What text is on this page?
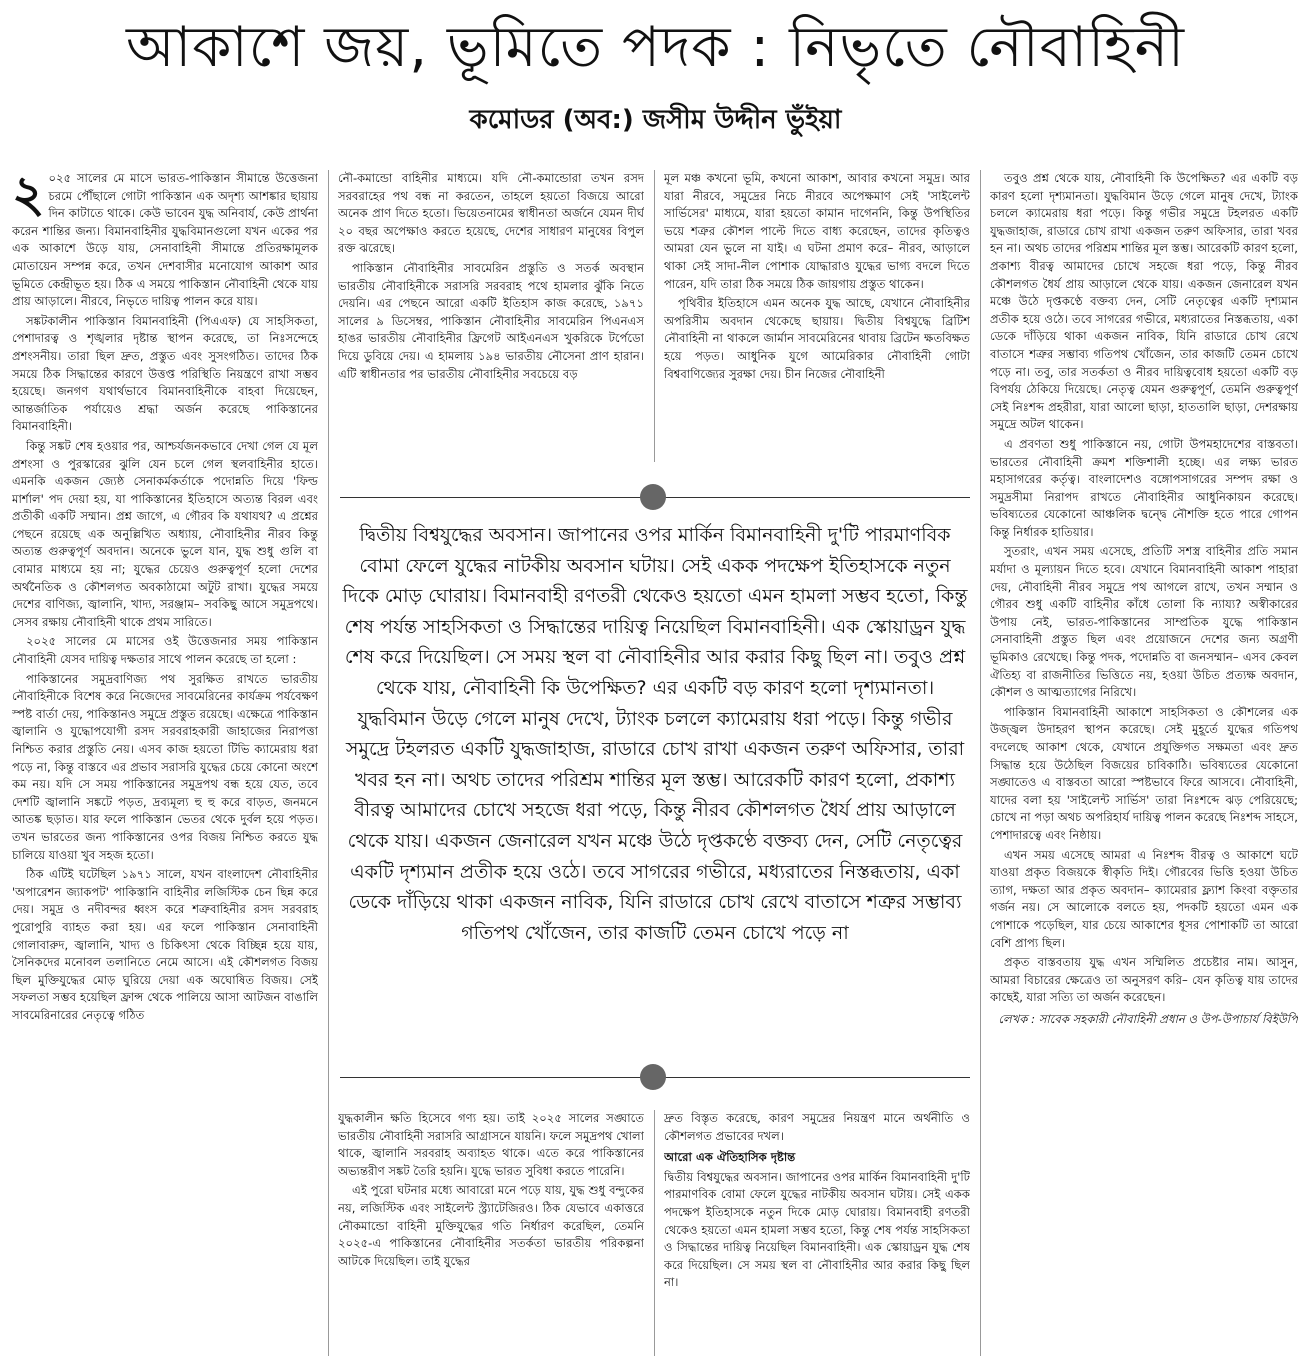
আকাশে জয়, ভূমিতে পদক : নিভৃতে নৌবাহিনী
কমোডর (অব:) জসীম উদ্দীন ভুঁইয়া

২ ০২৫ সালের মে মাসে ভারত-পাকিস্তান সীমান্তে উত্তেজনা চরমে পৌঁছালে গোটা পাকিস্তান এক অদৃশ্য আশঙ্কার ছায়ায় দিন কাটাতে থাকে। কেউ ভাবেন যুদ্ধ অনিবার্য, কেউ প্রার্থনা করেন শান্তির জন্য। বিমানবাহিনীর যুদ্ধবিমানগুলো যখন একের পর এক আকাশে উড়ে যায়, সেনাবাহিনী সীমান্তে প্রতিরক্ষামূলক মোতায়েন সম্পন্ন করে, তখন দেশবাসীর মনোযোগ আকাশ আর ভূমিতে কেন্দ্রীভূত হয়। ঠিক এ সময়ে পাকিস্তান নৌবাহিনী থেকে যায় প্রায় আড়ালে। নীরবে, নিভৃতে দায়িত্ব পালন করে যায়।

সঙ্কটকালীন পাকিস্তান বিমানবাহিনী (পিএএফ) যে সাহসিকতা, পেশাদারত্ব ও শৃঙ্খলার দৃষ্টান্ত স্থাপন করেছে, তা নিঃসন্দেহে প্রশংসনীয়। তারা ছিল দ্রুত, প্রস্তুত এবং সুসংগঠিত। তাদের ঠিক সময়ে ঠিক সিদ্ধান্তের কারণে উত্তপ্ত পরিস্থিতি নিয়ন্ত্রণে রাখা সম্ভব হয়েছে। জনগণ যথার্থভাবে বিমানবাহিনীকে বাহবা দিয়েছেন, আন্তর্জাতিক পর্যায়েও শ্রদ্ধা অর্জন করেছে পাকিস্তানের বিমানবাহিনী।

কিন্তু সঙ্কট শেষ হওয়ার পর, আশ্চর্যজনকভাবে দেখা গেল যে মূল প্রশংসা ও পুরস্কারের ঝুলি যেন চলে গেল স্থলবাহিনীর হাতে। এমনকি একজন জ্যেষ্ঠ সেনাকর্মকর্তাকে পদোন্নতি দিয়ে 'ফিল্ড মার্শাল' পদ দেয়া হয়, যা পাকিস্তানের ইতিহাসে অত্যন্ত বিরল এবং প্রতীকী একটি সম্মান। প্রশ্ন জাগে, এ গৌরব কি যথাযথ? এ প্রশ্নের পেছনে রয়েছে এক অনুল্লিখিত অধ্যায়, নৌবাহিনীর নীরব কিন্তু অত্যন্ত গুরুত্বপূর্ণ অবদান। অনেকে ভুলে যান, যুদ্ধ শুধু গুলি বা বোমার মাধ্যমে হয় না; যুদ্ধের চেয়েও গুরুত্বপূর্ণ হলো দেশের অর্থনৈতিক ও কৌশলগত অবকাঠামো অটুট রাখা। যুদ্ধের সময়ে দেশের বাণিজ্য, জ্বালানি, খাদ্য, সরঞ্জাম– সবকিছু আসে সমুদ্রপথে। সেসব রক্ষায় নৌবাহিনী থাকে প্রথম সারিতে।

২০২৫ সালের মে মাসের ওই উত্তেজনার সময় পাকিস্তান নৌবাহিনী যেসব দায়িত্ব দক্ষতার সাথে পালন করেছে তা হলো :

পাকিস্তানের সমুদ্রবাণিজ্য পথ সুরক্ষিত রাখতে ভারতীয় নৌবাহিনীকে বিশেষ করে নিজেদের সাবমেরিনের কার্যক্রম পর্যবেক্ষণ স্পষ্ট বার্তা দেয়, পাকিস্তানও সমুদ্রে প্রস্তুত রয়েছে। এক্ষেত্রে পাকিস্তান জ্বালানি ও যুদ্ধোপযোগী রসদ সরবরাহকারী জাহাজের নিরাপত্তা নিশ্চিত করার প্রস্তুতি নেয়। এসব কাজ হয়তো টিভি ক্যামেরায় ধরা পড়ে না, কিন্তু বাস্তবে এর প্রভাব সরাসরি যুদ্ধের চেয়ে কোনো অংশে কম নয়। যদি সে সময় পাকিস্তানের সমুদ্রপথ বন্ধ হয়ে যেত, তবে দেশটি জ্বালানি সঙ্কটে পড়ত, দ্রব্যমূল্য হু হু করে বাড়ত, জনমনে আতঙ্ক ছড়াত। যার ফলে পাকিস্তান ভেতর থেকে দুর্বল হয়ে পড়ত। তখন ভারতের জন্য পাকিস্তানের ওপর বিজয় নিশ্চিত করতে যুদ্ধ চালিয়ে যাওয়া খুব সহজ হতো।

ঠিক এটিই ঘটেছিল ১৯৭১ সালে, যখন বাংলাদেশ নৌবাহিনীর 'অপারেশন জ্যাকপট' পাকিস্তানি বাহিনীর লজিস্টিক চেন ছিন্ন করে দেয়। সমুদ্র ও নদীবন্দর ধ্বংস করে শত্রুবাহিনীর রসদ সরবরাহ পুরোপুরি ব্যাহত করা হয়। এর ফলে পাকিস্তান সেনাবাহিনী গোলাবারুদ, জ্বালানি, খাদ্য ও চিকিৎসা থেকে বিচ্ছিন্ন হয়ে যায়, সৈনিকদের মনোবল তলানিতে নেমে আসে। এই কৌশলগত বিজয় ছিল মুক্তিযুদ্ধের মোড় ঘুরিয়ে দেয়া এক অঘোষিত বিজয়। সেই সফলতা সম্ভব হয়েছিল ফ্রান্স থেকে পালিয়ে আসা আটজন বাঙালি সাবমেরিনারের নেতৃত্বে গঠিত

নৌ-কমান্ডো বাহিনীর মাধ্যমে। যদি নৌ-কমান্ডোরা তখন রসদ সরবরাহের পথ বন্ধ না করতেন, তাহলে হয়তো বিজয়ে আরো অনেক প্রাণ দিতে হতো। ভিয়েতনামের স্বাধীনতা অর্জনে যেমন দীর্ঘ ২০ বছর অপেক্ষাও করতে হয়েছে, দেশের সাধারণ মানুষের বিপুল রক্ত ঝরেছে।

পাকিস্তান নৌবাহিনীর সাবমেরিন প্রস্তুতি ও সতর্ক অবস্থান ভারতীয় নৌবাহিনীকে সরাসরি সরবরাহ পথে হামলার ঝুঁকি নিতে দেয়নি। এর পেছনে আরো একটি ইতিহাস কাজ করেছে, ১৯৭১ সালের ৯ ডিসেম্বর, পাকিস্তান নৌবাহিনীর সাবমেরিন পিএনএস হাঙর ভারতীয় নৌবাহিনীর ফ্রিগেট আইএনএস খুকরিকে টর্পেডো দিয়ে ডুবিয়ে দেয়। এ হামলায় ১৯৪ ভারতীয় নৌসেনা প্রাণ হারান। এটি স্বাধীনতার পর ভারতীয় নৌবাহিনীর সবচেয়ে বড়

মূল মঞ্চ কখনো ভূমি, কখনো আকাশ, আবার কখনো সমুদ্র। আর যারা নীরবে, সমুদ্রের নিচে নীরবে অপেক্ষমাণ সেই 'সাইলেন্ট সার্ভিসের' মাধ্যমে, যারা হয়তো কামান দাগেননি, কিন্তু উপস্থিতির ভয়ে শত্রুর কৌশল পাল্টে দিতে বাধ্য করেছেন, তাদের কৃতিত্বও আমরা যেন ভুলে না যাই। এ ঘটনা প্রমাণ করে– নীরব, আড়ালে থাকা সেই সাদা-নীল পোশাক যোদ্ধারাও যুদ্ধের ভাগ্য বদলে দিতে পারেন, যদি তারা ঠিক সময়ে ঠিক জায়গায় প্রস্তুত থাকেন।

পৃথিবীর ইতিহাসে এমন অনেক যুদ্ধ আছে, যেখানে নৌবাহিনীর অপরিসীম অবদান থেকেছে ছায়ায়। দ্বিতীয় বিশ্বযুদ্ধে ব্রিটিশ নৌবাহিনী না থাকলে জার্মান সাবমেরিনের থাবায় ব্রিটেন ক্ষতবিক্ষত হয়ে পড়ত। আধুনিক যুগে আমেরিকার নৌবাহিনী গোটা বিশ্ববাণিজ্যের সুরক্ষা দেয়। চীন নিজের নৌবাহিনী

তবুও প্রশ্ন থেকে যায়, নৌবাহিনী কি উপেক্ষিত? এর একটি বড় কারণ হলো দৃশ্যমানতা। যুদ্ধবিমান উড়ে গেলে মানুষ দেখে, ট্যাংক চললে ক্যামেরায় ধরা পড়ে। কিন্তু গভীর সমুদ্রে টহলরত একটি যুদ্ধজাহাজ, রাডারে চোখ রাখা একজন তরুণ অফিসার, তারা খবর হন না। অথচ তাদের পরিশ্রম শান্তির মূল স্তম্ভ। আরেকটি কারণ হলো, প্রকাশ্য বীরত্ব আমাদের চোখে সহজে ধরা পড়ে, কিন্তু নীরব কৌশলগত ধৈর্য প্রায় আড়ালে থেকে যায়। একজন জেনারেল যখন মঞ্চে উঠে দৃপ্তকণ্ঠে বক্তব্য দেন, সেটি নেতৃত্বের একটি দৃশ্যমান প্রতীক হয়ে ওঠে। তবে সাগরের গভীরে, মধ্যরাতের নিস্তব্ধতায়, একা ডেকে দাঁড়িয়ে থাকা একজন নাবিক, যিনি রাডারে চোখ রেখে বাতাসে শত্রুর সম্ভাব্য গতিপথ খোঁজেন, তার কাজটি তেমন চোখে পড়ে না। তবু, তার সতর্কতা ও নীরব দায়িত্ববোধ হয়তো একটি বড় বিপর্যয় ঠেকিয়ে দিয়েছে। নেতৃত্ব যেমন গুরুত্বপূর্ণ, তেমনি গুরুত্বপূর্ণ সেই নিঃশব্দ প্রহরীরা, যারা আলো ছাড়া, হাততালি ছাড়া, দেশরক্ষায় সমুদ্রে অটল থাকেন।

এ প্রবণতা শুধু পাকিস্তানে নয়, গোটা উপমহাদেশের বাস্তবতা। ভারতের নৌবাহিনী ক্রমশ শক্তিশালী হচ্ছে। এর লক্ষ্য ভারত মহাসাগরের কর্তৃত্ব। বাংলাদেশও বঙ্গোপসাগরের সম্পদ রক্ষা ও সমুদ্রসীমা নিরাপদ রাখতে নৌবাহিনীর আধুনিকায়ন করেছে। ভবিষ্যতের যেকোনো আঞ্চলিক দ্বন্দ্বে নৌশক্তি হতে পারে গোপন কিন্তু নির্ধারক হাতিয়ার।

সুতরাং, এখন সময় এসেছে, প্রতিটি সশস্ত্র বাহিনীর প্রতি সমান মর্যাদা ও মূল্যায়ন দিতে হবে। যেখানে বিমানবাহিনী আকাশ পাহারা দেয়, নৌবাহিনী নীরব সমুদ্রে পথ আগলে রাখে, তখন সম্মান ও গৌরব শুধু একটি বাহিনীর কাঁধে তোলা কি ন্যায্য? অস্বীকারের উপায় নেই, ভারত-পাকিস্তানের সাম্প্রতিক যুদ্ধে পাকিস্তান সেনাবাহিনী প্রস্তুত ছিল এবং প্রয়োজনে দেশের জন্য অগ্রণী ভূমিকাও রেখেছে। কিন্তু পদক, পদোন্নতি বা জনসম্মান– এসব কেবল ঐতিহ্য বা রাজনীতির ভিত্তিতে নয়, হওয়া উচিত প্রত্যক্ষ অবদান, কৌশল ও আত্মত্যাগের নিরিখে।

পাকিস্তান বিমানবাহিনী আকাশে সাহসিকতা ও কৌশলের এক উজ্জ্বল উদাহরণ স্থাপন করেছে। সেই মুহূর্তে যুদ্ধের গতিপথ বদলেছে আকাশ থেকে, যেখানে প্রযুক্তিগত সক্ষমতা এবং দ্রুত সিদ্ধান্ত হয়ে উঠেছিল বিজয়ের চাবিকাঠি। ভবিষ্যতের যেকোনো সঙ্ঘাতেও এ বাস্তবতা আরো স্পষ্টভাবে ফিরে আসবে। নৌবাহিনী, যাদের বলা হয় 'সাইলেন্ট সার্ভিস' তারা নিঃশব্দে ঝড় পেরিয়েছে; চোখে না পড়া অথচ অপরিহার্য দায়িত্ব পালন করেছে নিঃশব্দ সাহসে, পেশাদারত্বে এবং নিষ্ঠায়।

এখন সময় এসেছে আমরা এ নিঃশব্দ বীরত্ব ও আকাশে ঘটে যাওয়া প্রকৃত বিজয়কে স্বীকৃতি দিই। গৌরবের ভিত্তি হওয়া উচিত ত্যাগ, দক্ষতা আর প্রকৃত অবদান– ক্যামেরার ফ্ল্যাশ কিংবা বক্তৃতার গর্জন নয়। সে আলোকে বলতে হয়, পদকটি হয়তো এমন এক পোশাকে পড়েছিল, যার চেয়ে আকাশের ধূসর পোশাকটি তা আরো বেশি প্রাপ্য ছিল।

প্রকৃত বাস্তবতায় যুদ্ধ এখন সম্মিলিত প্রচেষ্টার নাম। আসুন, আমরা বিচারের ক্ষেত্রেও তা অনুসরণ করি– যেন কৃতিত্ব যায় তাদের কাছেই, যারা সত্যি তা অর্জন করেছেন।

লেখক : সাবেক সহকারী নৌবাহিনী প্রধান ও উপ-উপাচার্য বিইউপি

দ্বিতীয় বিশ্বযুদ্ধের অবসান। জাপানের ওপর মার্কিন বিমানবাহিনী দু'টি পারমাণবিক বোমা ফেলে যুদ্ধের নাটকীয় অবসান ঘটায়। সেই একক পদক্ষেপ ইতিহাসকে নতুন দিকে মোড় ঘোরায়। বিমানবাহী রণতরী থেকেও হয়তো এমন হামলা সম্ভব হতো, কিন্তু শেষ পর্যন্ত সাহসিকতা ও সিদ্ধান্তের দায়িত্ব নিয়েছিল বিমানবাহিনী। এক স্কোয়াড্রন যুদ্ধ শেষ করে দিয়েছিল। সে সময় স্থল বা নৌবাহিনীর আর করার কিছু ছিল না। তবুও প্রশ্ন থেকে যায়, নৌবাহিনী কি উপেক্ষিত? এর একটি বড় কারণ হলো দৃশ্যমানতা। যুদ্ধবিমান উড়ে গেলে মানুষ দেখে, ট্যাংক চললে ক্যামেরায় ধরা পড়ে। কিন্তু গভীর সমুদ্রে টহলরত একটি যুদ্ধজাহাজ, রাডারে চোখ রাখা একজন তরুণ অফিসার, তারা খবর হন না। অথচ তাদের পরিশ্রম শান্তির মূল স্তম্ভ। আরেকটি কারণ হলো, প্রকাশ্য বীরত্ব আমাদের চোখে সহজে ধরা পড়ে, কিন্তু নীরব কৌশলগত ধৈর্য প্রায় আড়ালে থেকে যায়। একজন জেনারেল যখন মঞ্চে উঠে দৃপ্তকণ্ঠে বক্তব্য দেন, সেটি নেতৃত্বের একটি দৃশ্যমান প্রতীক হয়ে ওঠে। তবে সাগরের গভীরে, মধ্যরাতের নিস্তব্ধতায়, একা ডেকে দাঁড়িয়ে থাকা একজন নাবিক, যিনি রাডারে চোখ রেখে বাতাসে শত্রুর সম্ভাব্য গতিপথ খোঁজেন, তার কাজটি তেমন চোখে পড়ে না

যুদ্ধকালীন ক্ষতি হিসেবে গণ্য হয়। তাই ২০২৫ সালের সঙ্ঘাতে ভারতীয় নৌবাহিনী সরাসরি আগ্রাসনে যায়নি। ফলে সমুদ্রপথ খোলা থাকে, জ্বালানি সরবরাহ অব্যাহত থাকে। এতে করে পাকিস্তানের অভ্যন্তরীণ সঙ্কট তৈরি হয়নি। যুদ্ধে ভারত সুবিধা করতে পারেনি।

এই পুরো ঘটনার মধ্যে আবারো মনে পড়ে যায়, যুদ্ধ শুধু বন্দুকের নয়, লজিস্টিক এবং সাইলেন্ট স্ট্র্যাটেজিরও। ঠিক যেভাবে একাত্তরে নৌকমান্ডো বাহিনী মুক্তিযুদ্ধের গতি নির্ধারণ করেছিল, তেমনি ২০২৫-এ পাকিস্তানের নৌবাহিনীর সতর্কতা ভারতীয় পরিকল্পনা আটকে দিয়েছিল। তাই যুদ্ধের

দ্রুত বিস্তৃত করেছে, কারণ সমুদ্রের নিয়ন্ত্রণ মানে অর্থনীতি ও কৌশলগত প্রভাবের দখল।

আরো এক ঐতিহাসিক দৃষ্টান্ত

দ্বিতীয় বিশ্বযুদ্ধের অবসান। জাপানের ওপর মার্কিন বিমানবাহিনী দু'টি পারমাণবিক বোমা ফেলে যুদ্ধের নাটকীয় অবসান ঘটায়। সেই একক পদক্ষেপ ইতিহাসকে নতুন দিকে মোড় ঘোরায়। বিমানবাহী রণতরী থেকেও হয়তো এমন হামলা সম্ভব হতো, কিন্তু শেষ পর্যন্ত সাহসিকতা ও সিদ্ধান্তের দায়িত্ব নিয়েছিল বিমানবাহিনী। এক স্কোয়াড্রন যুদ্ধ শেষ করে দিয়েছিল। সে সময় স্থল বা নৌবাহিনীর আর করার কিছু ছিল না।
